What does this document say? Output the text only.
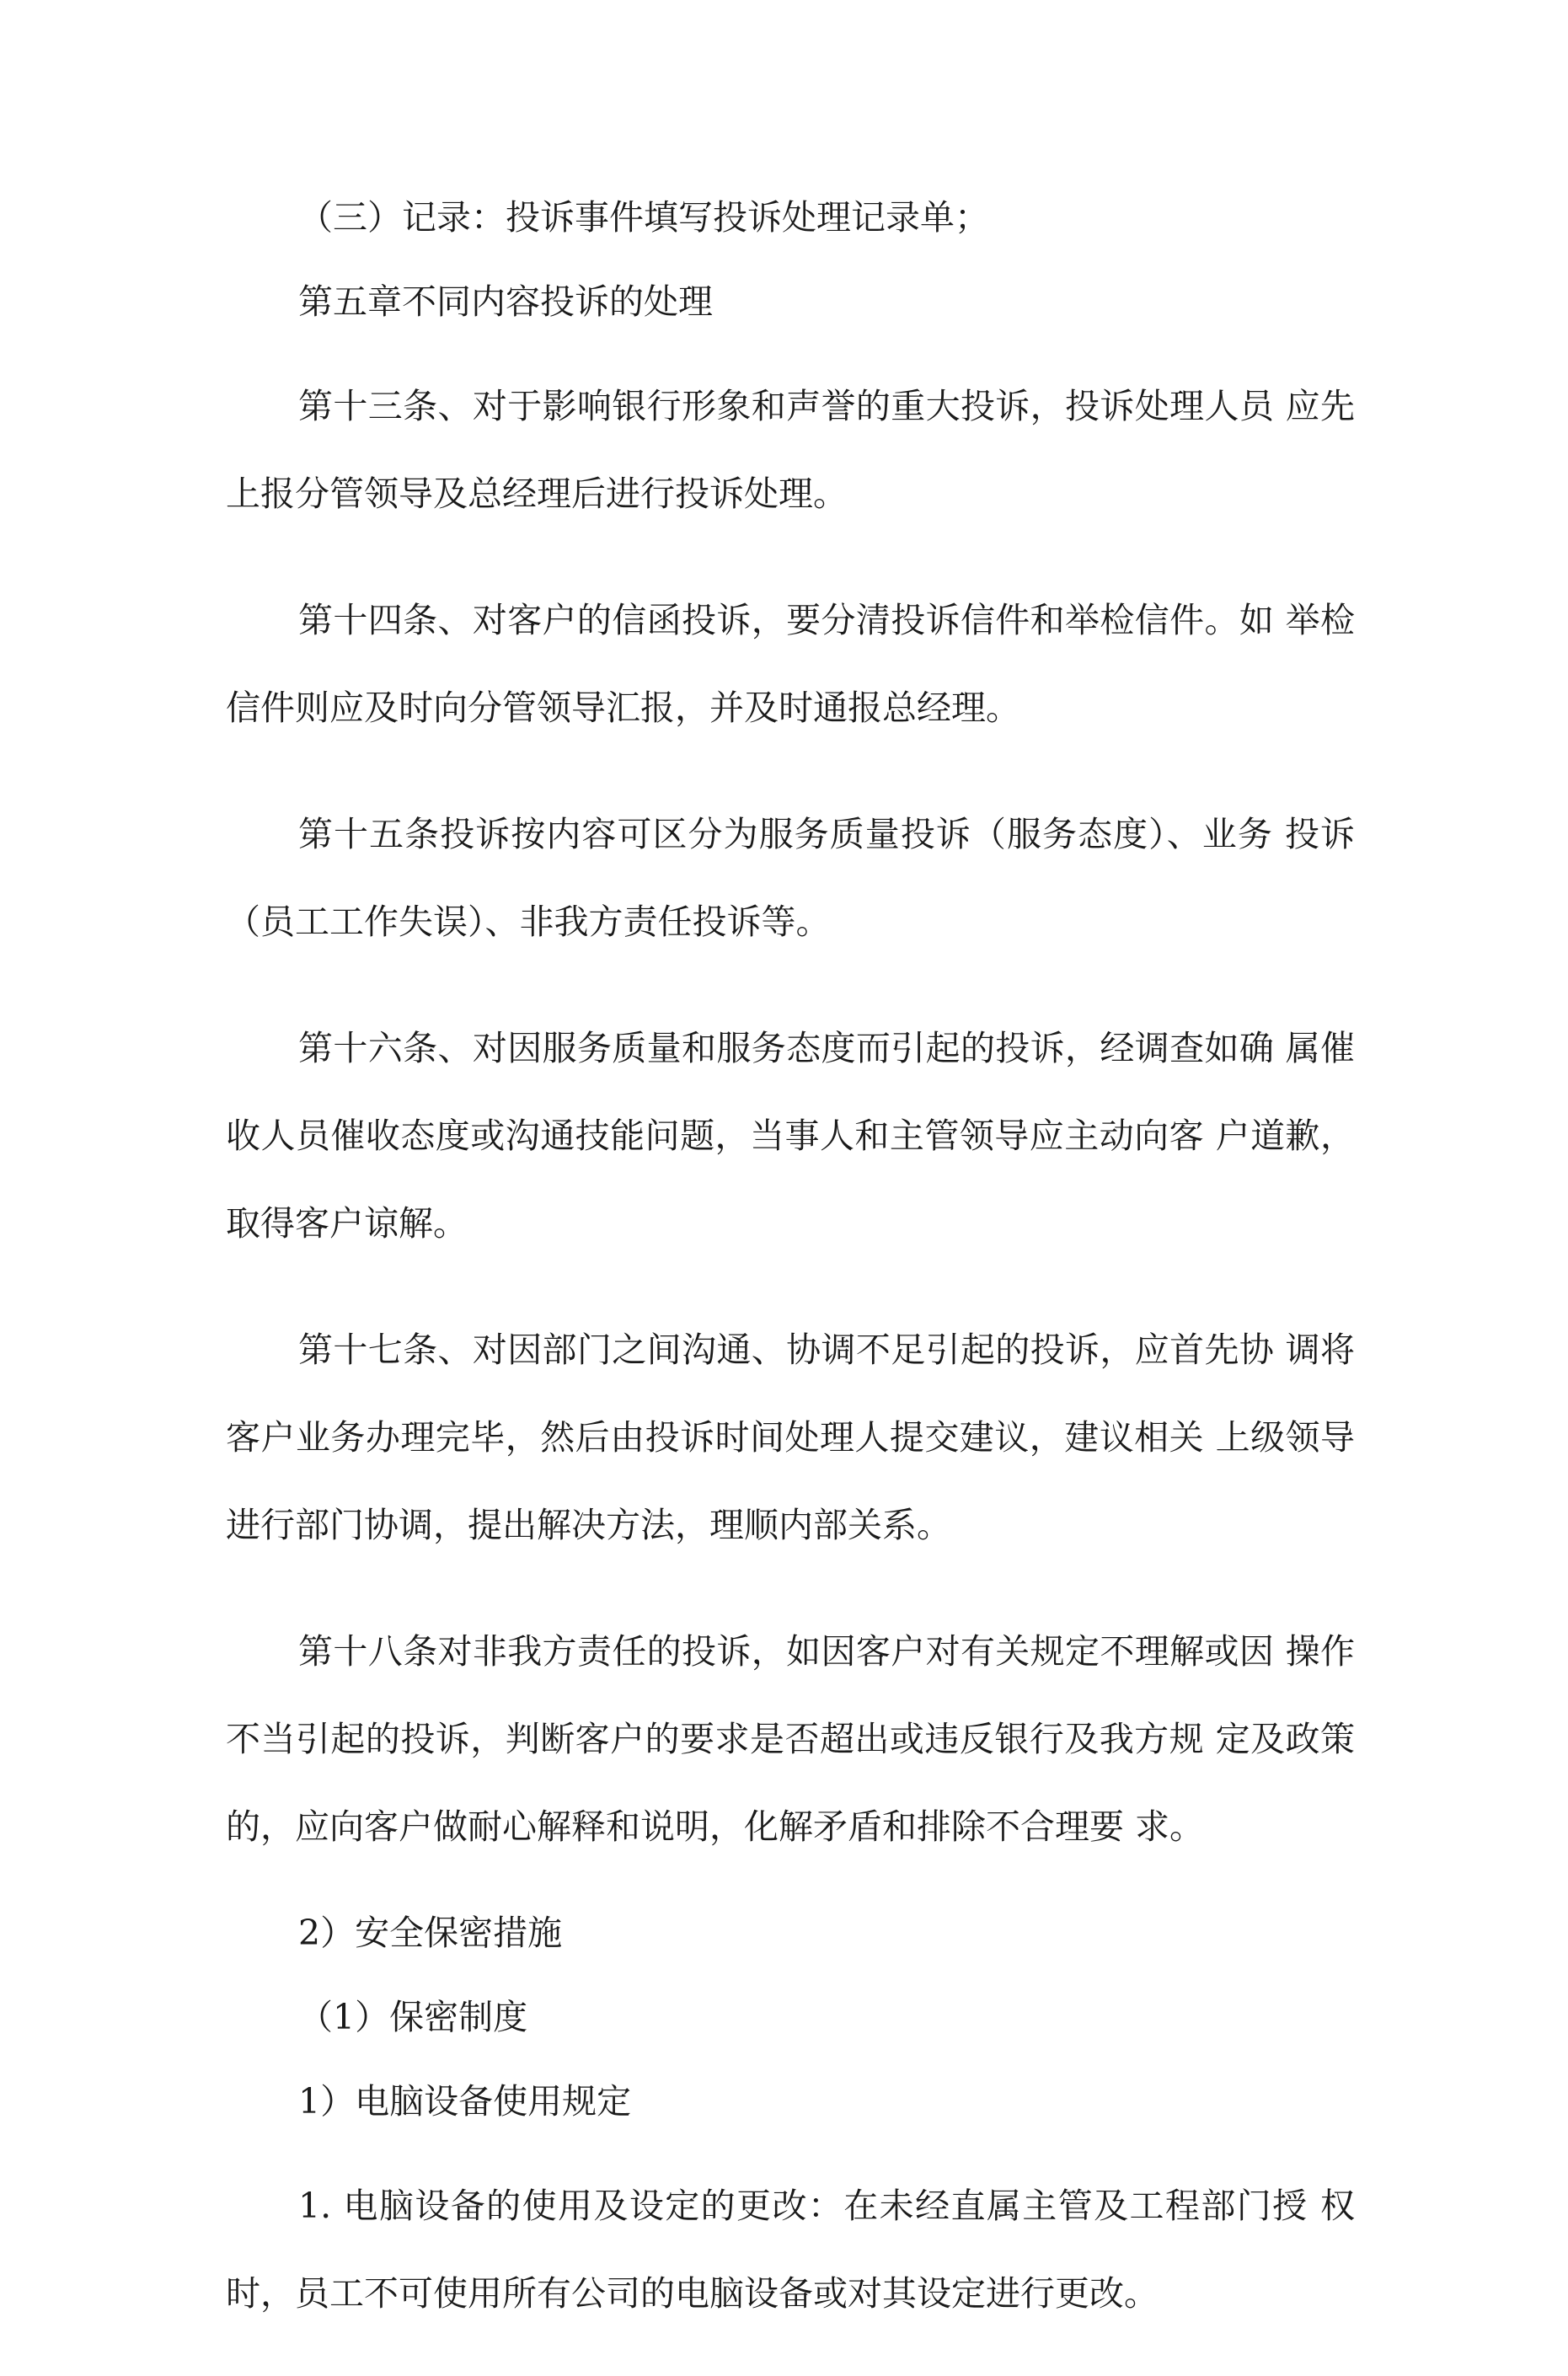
（三）记录：投诉事件填写投诉处理记录单；

第五章不同内容投诉的处理

第十三条、对于影响银行形象和声誉的重大投诉，投诉处理人员 应先上报分管领导及总经理后进行投诉处理。

第十四条、对客户的信函投诉，要分清投诉信件和举检信件。如 举检信件则应及时向分管领导汇报，并及时通报总经理。

第十五条投诉按内容可区分为服务质量投诉（服务态度）、业务 投诉（员工工作失误）、非我方责任投诉等。

第十六条、对因服务质量和服务态度而引起的投诉，经调查如确 属催收人员催收态度或沟通技能问题，当事人和主管领导应主动向客 户道歉，取得客户谅解。

第十七条、对因部门之间沟通、协调不足引起的投诉，应首先协 调将客户业务办理完毕，然后由投诉时间处理人提交建议，建议相关 上级领导进行部门协调，提出解决方法，理顺内部关系。

第十八条对非我方责任的投诉，如因客户对有关规定不理解或因 操作不当引起的投诉，判断客户的要求是否超出或违反银行及我方规 定及政策的，应向客户做耐心解释和说明，化解矛盾和排除不合理要 求。

2）安全保密措施

（1）保密制度

1）电脑设备使用规定

1. 电脑设备的使用及设定的更改：在未经直属主管及工程部门授 权时，员工不可使用所有公司的电脑设备或对其设定进行更改。
